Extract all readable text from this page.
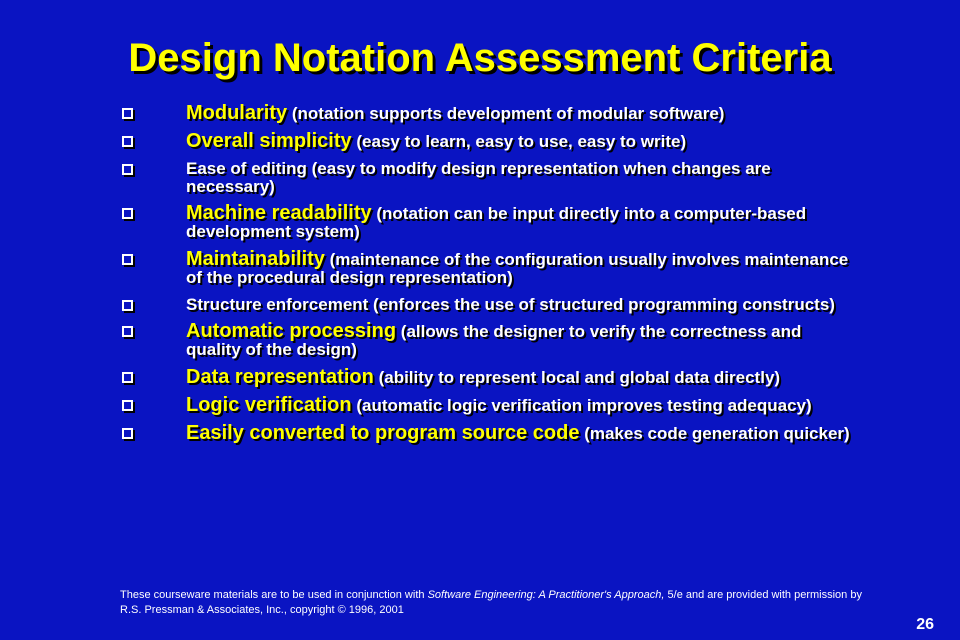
Design Notation Assessment Criteria
Modularity (notation supports development of modular software)
Overall simplicity (easy to learn, easy to use, easy to write)
Ease of editing (easy to modify design representation when changes are necessary)
Machine readability (notation can be input directly into a computer-based development system)
Maintainability (maintenance of the configuration usually involves maintenance of the procedural design representation)
Structure enforcement (enforces the use of structured programming constructs)
Automatic processing (allows the designer to verify the correctness and quality of the design)
Data representation (ability to represent local and global data directly)
Logic verification (automatic logic verification improves testing adequacy)
Easily converted to program source code (makes code generation quicker)
These courseware materials are to be used in conjunction with Software Engineering: A Practitioner's Approach, 5/e and are provided with permission by R.S. Pressman & Associates, Inc., copyright © 1996, 2001
26
